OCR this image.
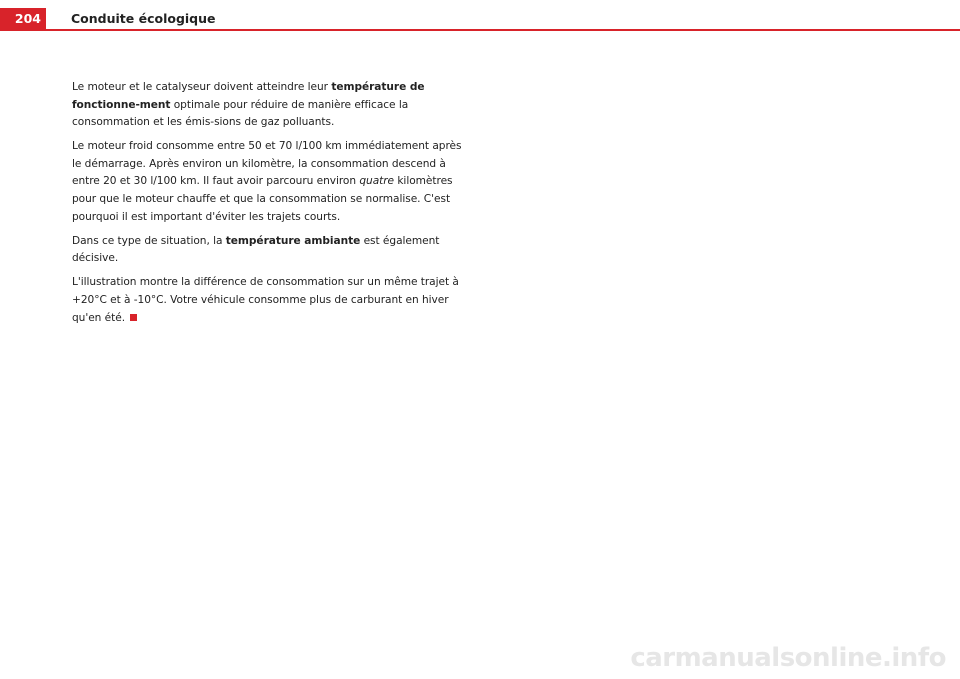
204	Conduite écologique

Le moteur et le catalyseur doivent atteindre leur température de fonctionne-ment optimale pour réduire de manière efficace la consommation et les émis-sions de gaz polluants.

Le moteur froid consomme entre 50 et 70 l/100 km immédiatement après le démarrage. Après environ un kilomètre, la consommation descend à entre 20 et 30 l/100 km. Il faut avoir parcouru environ quatre kilomètres pour que le moteur chauffe et que la consommation se normalise. C'est pourquoi il est important d'éviter les trajets courts.

Dans ce type de situation, la température ambiante est également décisive.

L'illustration montre la différence de consommation sur un même trajet à +20°C et à -10°C. Votre véhicule consomme plus de carburant en hiver qu'en été.

carmanualsonline.info
